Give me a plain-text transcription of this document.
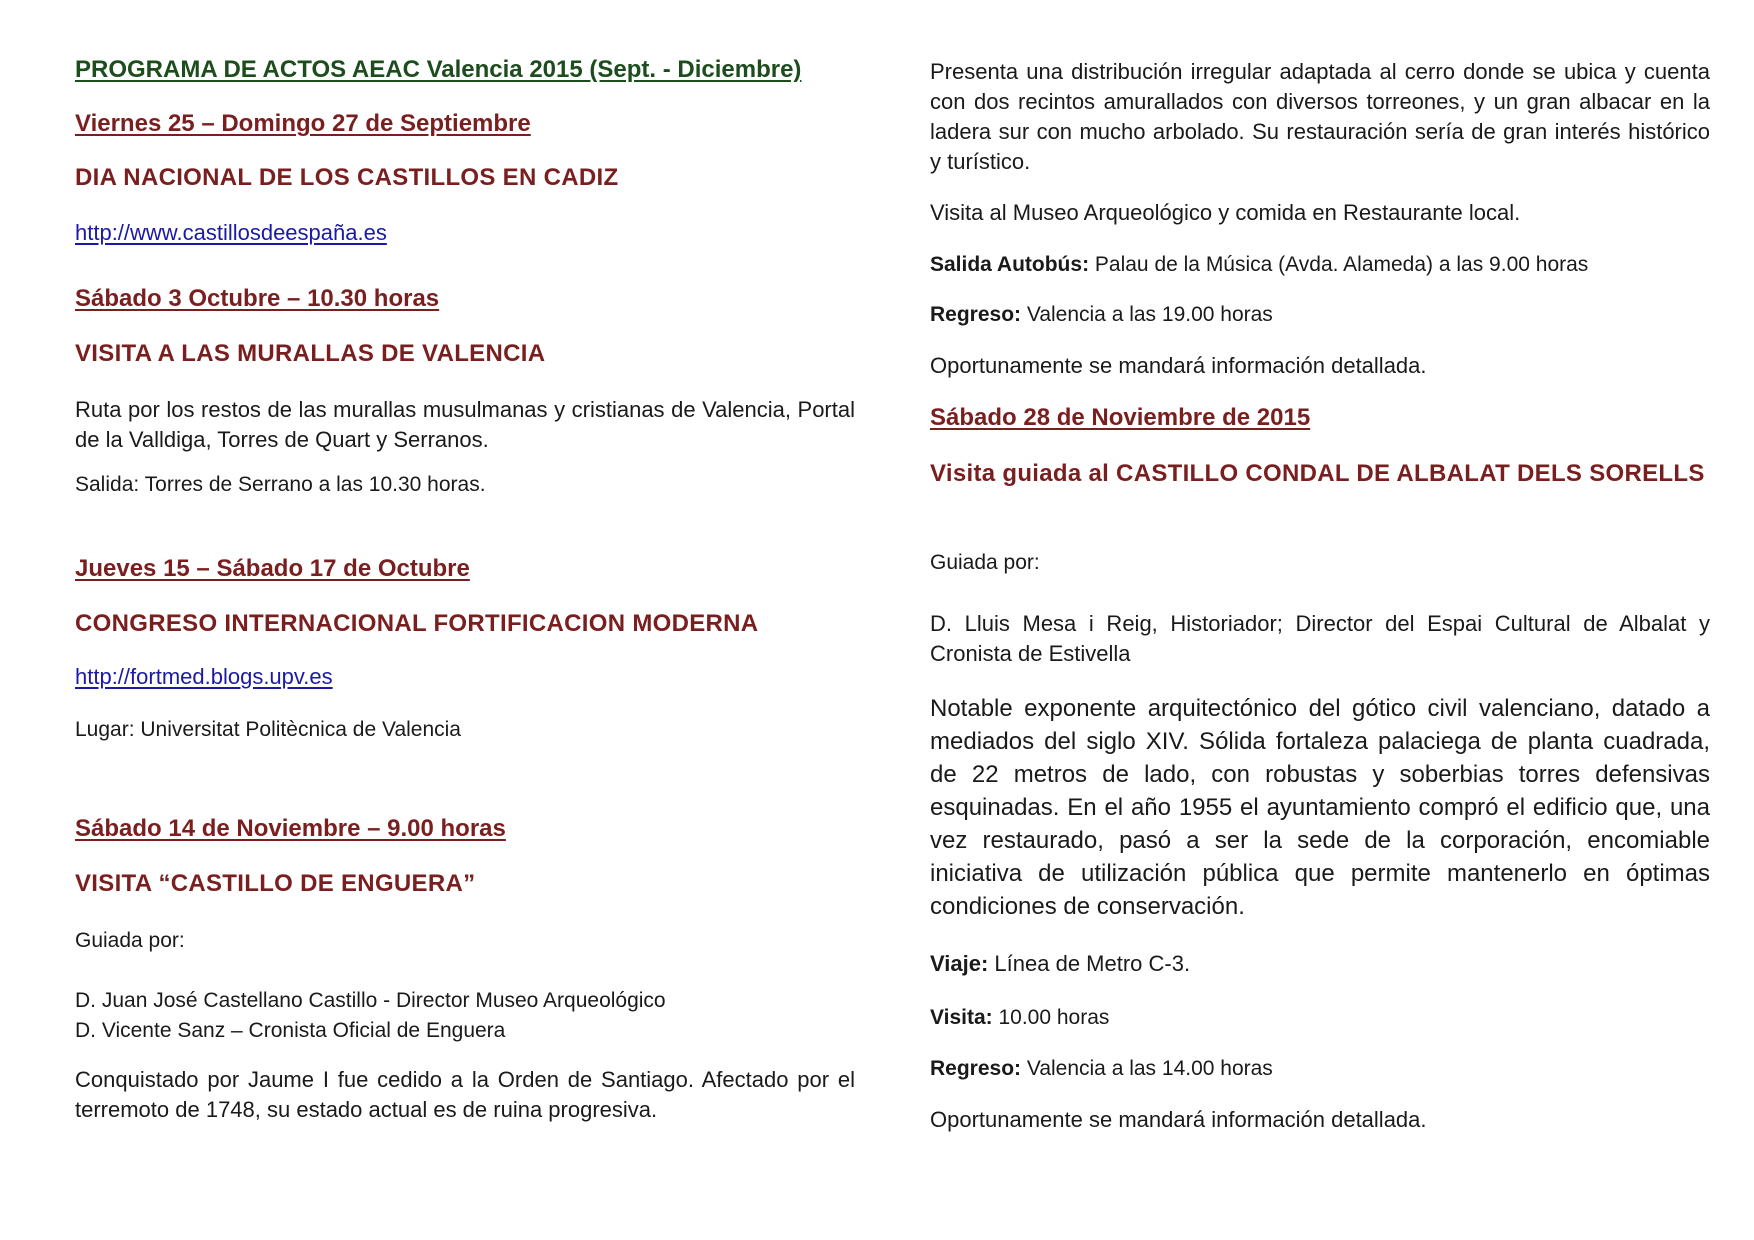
PROGRAMA DE ACTOS AEAC Valencia 2015 (Sept. - Diciembre)
Viernes 25 – Domingo 27 de Septiembre
DIA NACIONAL DE LOS CASTILLOS EN CADIZ
http://www.castillosdeespaña.es
Sábado 3 Octubre – 10.30 horas
VISITA A LAS MURALLAS DE VALENCIA
Ruta por los restos de las murallas musulmanas y cristianas de Valencia, Portal de la Valldiga, Torres de Quart y Serranos.
Salida: Torres de Serrano a las 10.30 horas.
Jueves 15 – Sábado 17 de Octubre
CONGRESO INTERNACIONAL FORTIFICACION MODERNA
http://fortmed.blogs.upv.es
Lugar: Universitat Politècnica de Valencia
Sábado 14 de Noviembre – 9.00 horas
VISITA “CASTILLO DE ENGUERA”
Guiada por:
D. Juan José Castellano Castillo - Director Museo Arqueológico
D. Vicente Sanz – Cronista Oficial de Enguera
Conquistado por Jaume I fue cedido a la Orden de Santiago. Afectado por el terremoto de 1748, su estado actual es de ruina progresiva.
Presenta una distribución irregular adaptada al cerro donde se ubica y cuenta con dos recintos amurallados con diversos torreones, y un gran albacar en la ladera sur con mucho arbolado. Su restauración sería de gran interés histórico y turístico.
Visita al Museo Arqueológico y comida en Restaurante local.
Salida Autobús: Palau de la Música (Avda. Alameda) a las 9.00 horas
Regreso: Valencia a las 19.00 horas
Oportunamente se mandará información detallada.
Sábado 28 de Noviembre de 2015
Visita guiada al CASTILLO CONDAL DE ALBALAT DELS SORELLS
Guiada por:
D. Lluis Mesa i Reig, Historiador; Director del Espai Cultural de Albalat y Cronista de Estivella
Notable exponente arquitectónico del gótico civil valenciano, datado a mediados del siglo XIV. Sólida fortaleza palaciega de planta cuadrada, de 22 metros de lado, con robustas y soberbias torres defensivas esquinadas. En el año 1955 el ayuntamiento compró el edificio que, una vez restaurado, pasó a ser la sede de la corporación, encomiable iniciativa de utilización pública que permite mantenerlo en óptimas condiciones de conservación.
Viaje: Línea de Metro C-3.
Visita: 10.00 horas
Regreso: Valencia a las 14.00 horas
Oportunamente se mandará información detallada.
